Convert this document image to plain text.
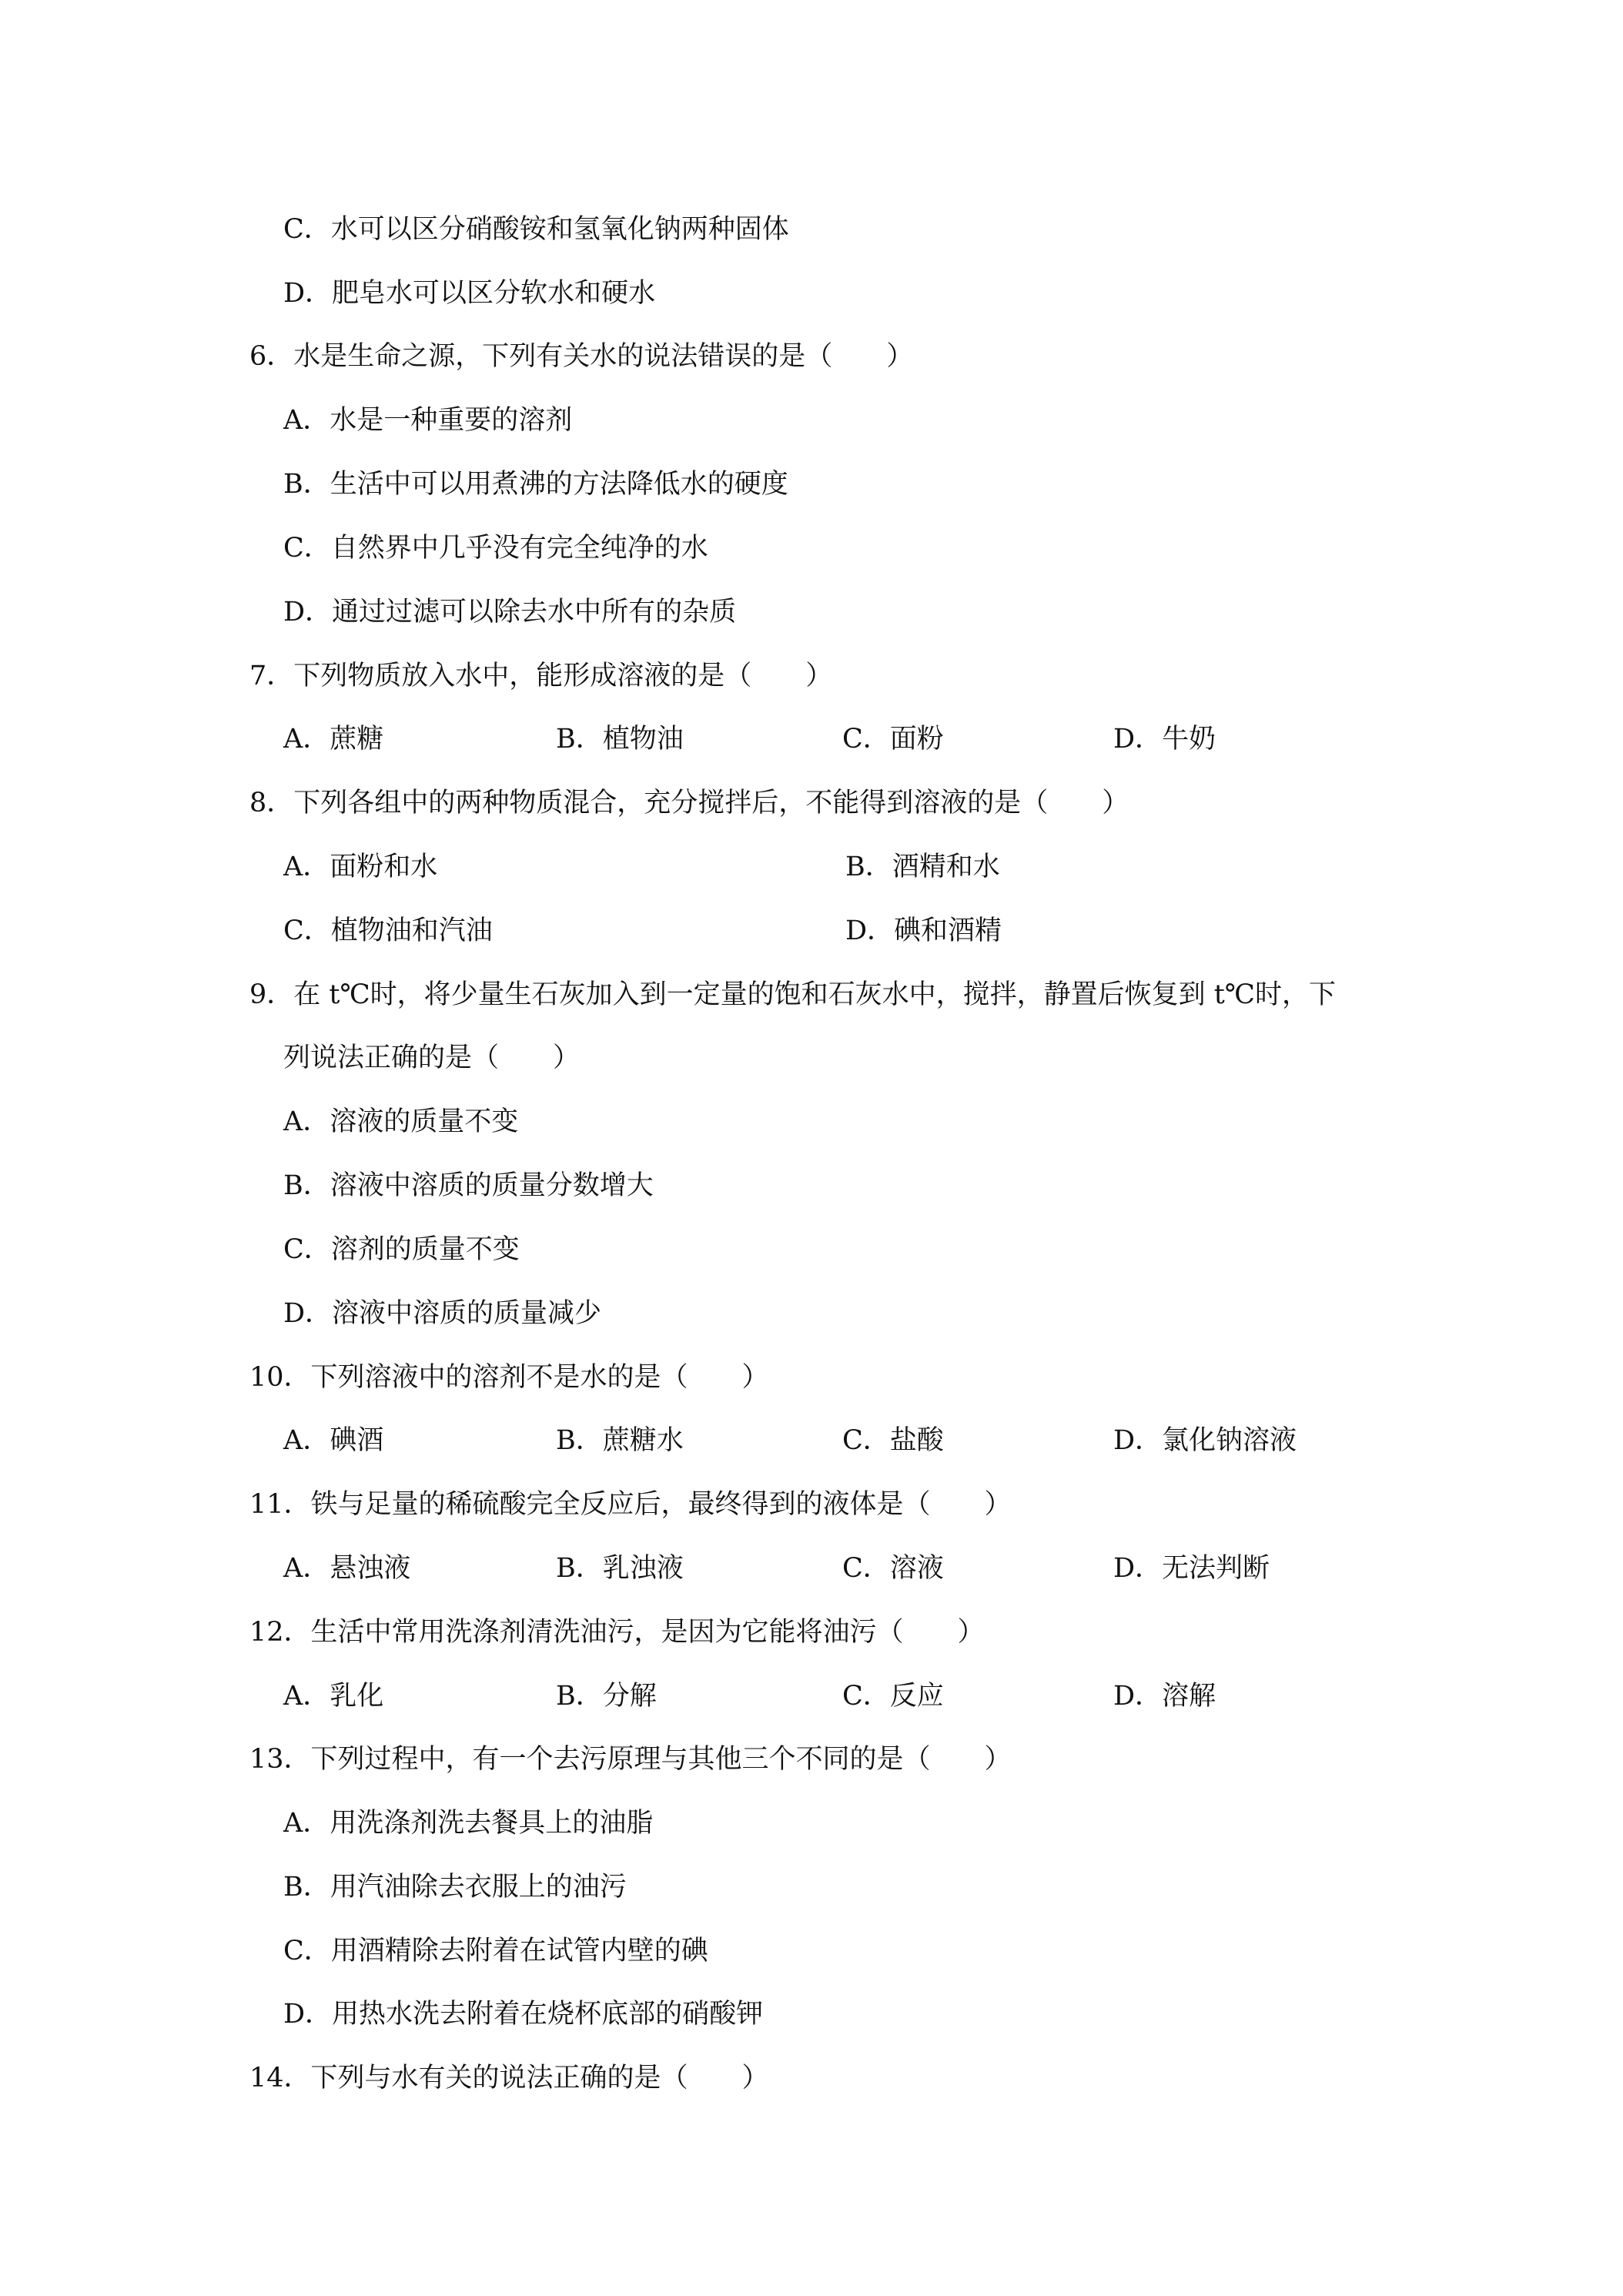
C．水可以区分硝酸铵和氢氧化钠两种固体
D．肥皂水可以区分软水和硬水
6．水是生命之源，下列有关水的说法错误的是（　　）
A．水是一种重要的溶剂
B．生活中可以用煮沸的方法降低水的硬度
C．自然界中几乎没有完全纯净的水
D．通过过滤可以除去水中所有的杂质
7．下列物质放入水中，能形成溶液的是（　　）
A．蔗糖	B．植物油	C．面粉	D．牛奶
8．下列各组中的两种物质混合，充分搅拌后，不能得到溶液的是（　　）
A．面粉和水	B．酒精和水
C．植物油和汽油	D．碘和酒精
9．在 t℃时，将少量生石灰加入到一定量的饱和石灰水中，搅拌，静置后恢复到 t℃时，下
列说法正确的是（　　）
A．溶液的质量不变
B．溶液中溶质的质量分数增大
C．溶剂的质量不变
D．溶液中溶质的质量减少
10．下列溶液中的溶剂不是水的是（　　）
A．碘酒	B．蔗糖水	C．盐酸	D．氯化钠溶液
11．铁与足量的稀硫酸完全反应后，最终得到的液体是（　　）
A．悬浊液	B．乳浊液	C．溶液	D．无法判断
12．生活中常用洗涤剂清洗油污，是因为它能将油污（　　）
A．乳化	B．分解	C．反应	D．溶解
13．下列过程中，有一个去污原理与其他三个不同的是（　　）
A．用洗涤剂洗去餐具上的油脂
B．用汽油除去衣服上的油污
C．用酒精除去附着在试管内壁的碘
D．用热水洗去附着在烧杯底部的硝酸钾
14．下列与水有关的说法正确的是（　　）
